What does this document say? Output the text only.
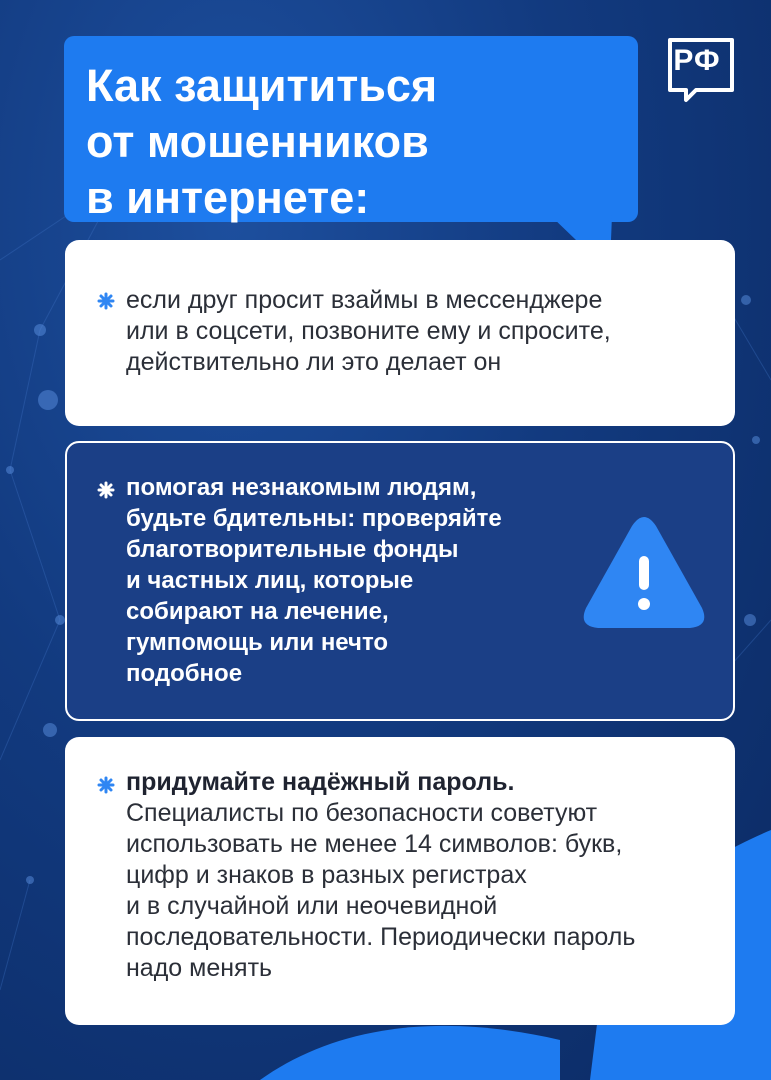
Как защититься
от мошенников
в интернете:
РФ
если друг просит взаймы в мессенджере
или в соцсети, позвоните ему и спросите,
действительно ли это делает он
помогая незнакомым людям,
будьте бдительны: проверяйте
благотворительные фонды
и частных лиц, которые
собирают на лечение,
гумпомощь или нечто
подобное
придумайте надёжный пароль.
Специалисты по безопасности советуют
использовать не менее 14 символов: букв,
цифр и знаков в разных регистрах
и в случайной или неочевидной
последовательности. Периодически пароль
надо менять
